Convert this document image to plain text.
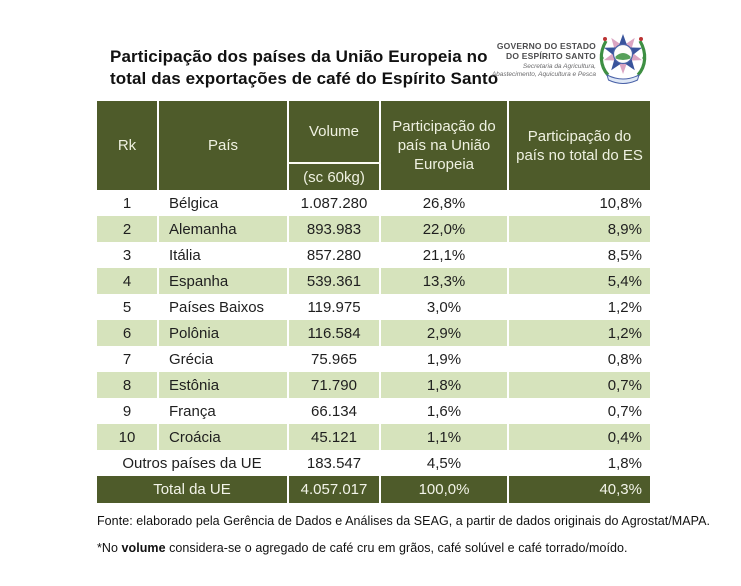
Participação dos países da União Europeia no
total das exportações de café do Espírito Santo
GOVERNO DO ESTADO
DO ESPÍRITO SANTO
Secretaria da Agricultura,
Abastecimento, Aquicultura e Pesca
Rk	País	Volume	Participação do país na União Europeia	Participação do país no total do ES
		(sc 60kg)		
1	Bélgica	1.087.280	26,8%	10,8%
2	Alemanha	893.983	22,0%	8,9%
3	Itália	857.280	21,1%	8,5%
4	Espanha	539.361	13,3%	5,4%
5	Países Baixos	119.975	3,0%	1,2%
6	Polônia	116.584	2,9%	1,2%
7	Grécia	75.965	1,9%	0,8%
8	Estônia	71.790	1,8%	0,7%
9	França	66.134	1,6%	0,7%
10	Croácia	45.121	1,1%	0,4%
Outros países da UE		183.547	4,5%	1,8%
Total da UE		4.057.017	100,0%	40,3%
Fonte: elaborado pela Gerência de Dados e Análises da SEAG, a partir de dados originais do Agrostat/MAPA.
*No volume considera-se o agregado de café cru em grãos, café solúvel e café torrado/moído.
